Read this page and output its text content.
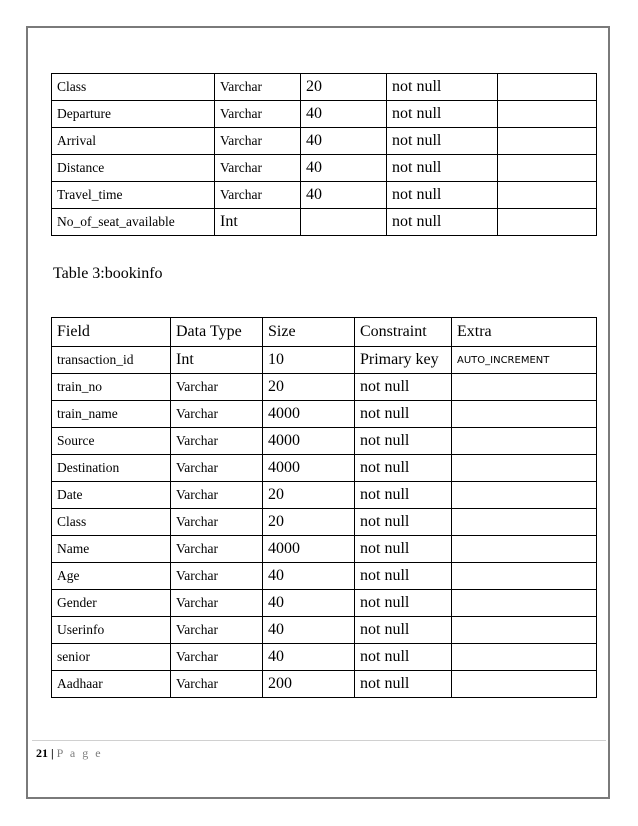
Class	Varchar	20	not null	
Departure	Varchar	40	not null	
Arrival	Varchar	40	not null	
Distance	Varchar	40	not null	
Travel_time	Varchar	40	not null	
No_of_seat_available	Int		not null	
Table 3:bookinfo
Field	Data Type	Size	Constraint	Extra
transaction_id	Int	10	Primary key	AUTO_INCREMENT
train_no	Varchar	20	not null	
train_name	Varchar	4000	not null	
Source	Varchar	4000	not null	
Destination	Varchar	4000	not null	
Date	Varchar	20	not null	
Class	Varchar	20	not null	
Name	Varchar	4000	not null	
Age	Varchar	40	not null	
Gender	Varchar	40	not null	
Userinfo	Varchar	40	not null	
senior	Varchar	40	not null	
Aadhaar	Varchar	200	not null	
21 | P a g e
